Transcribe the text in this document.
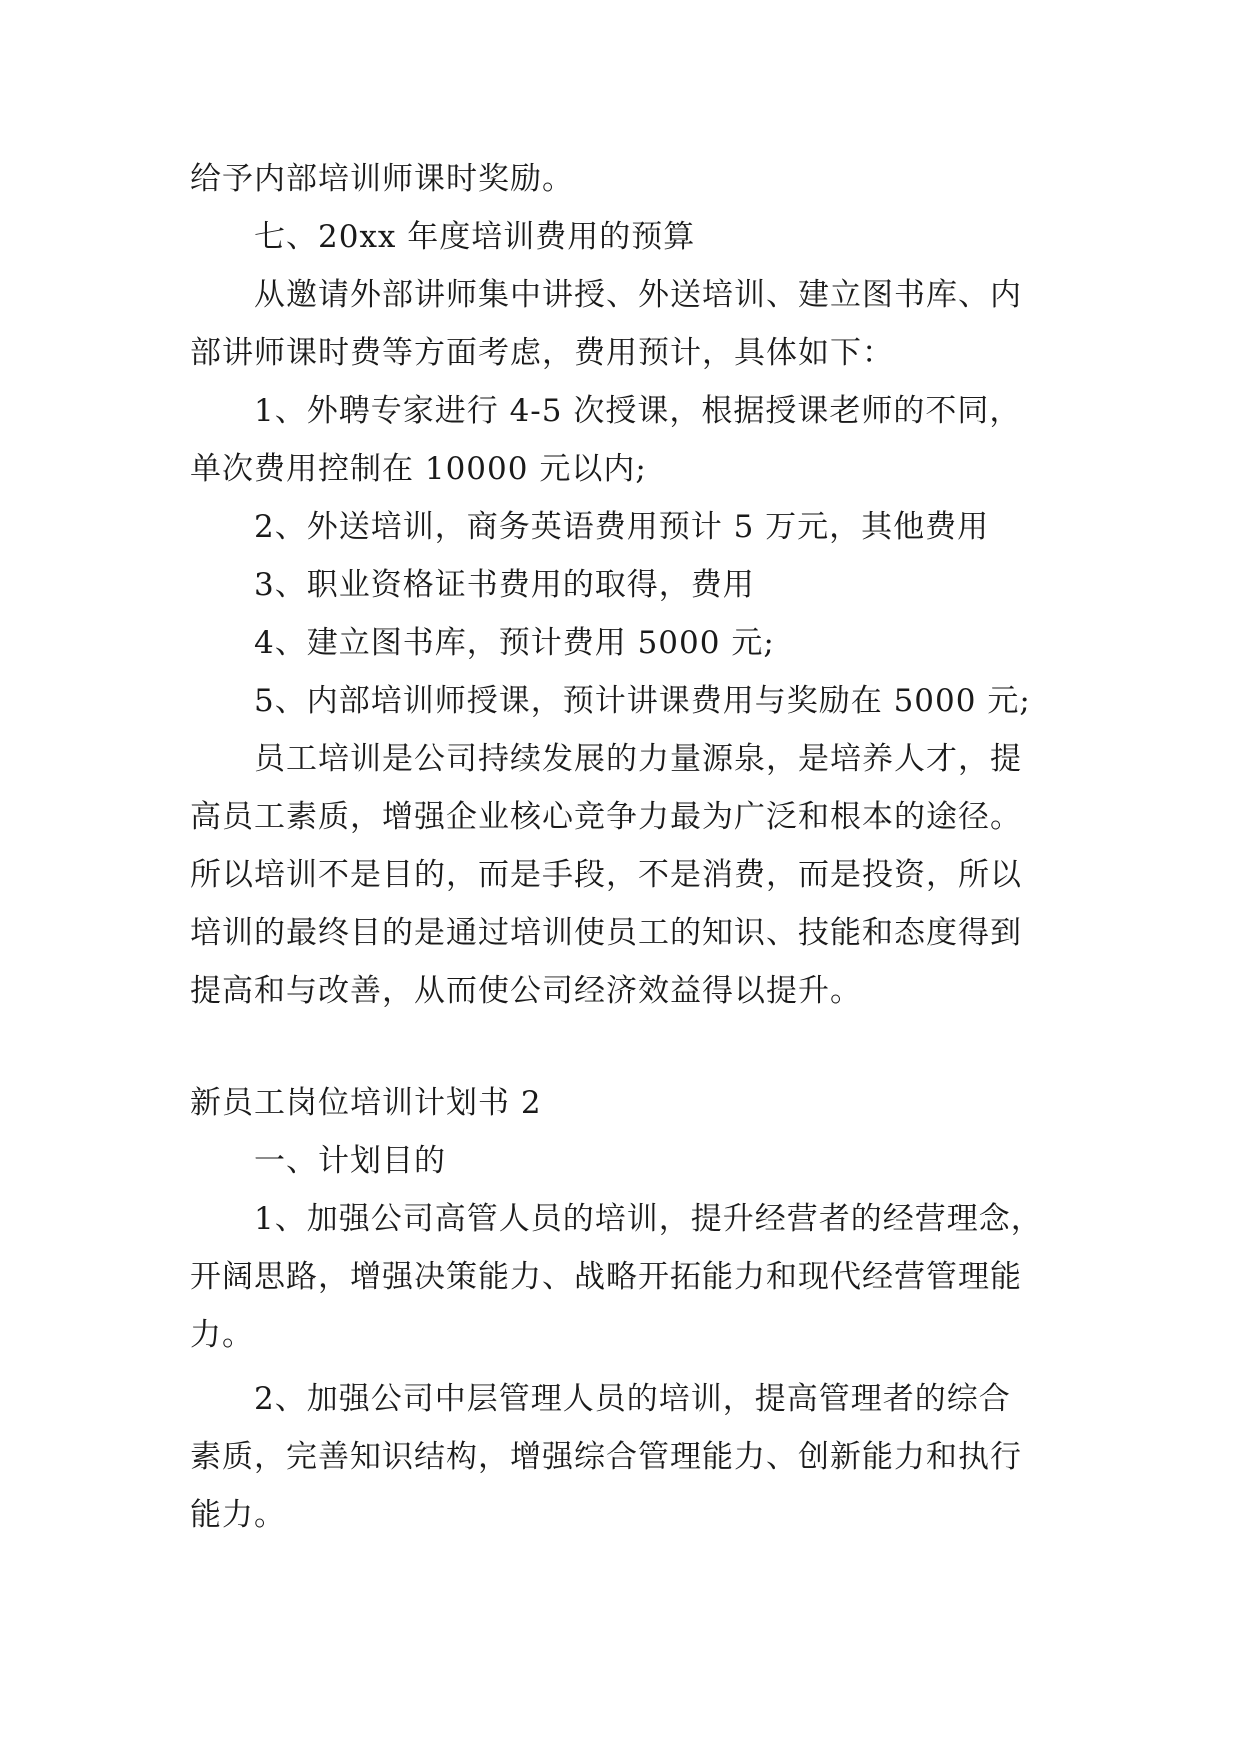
给予内部培训师课时奖励。
七、20xx 年度培训费用的预算
从邀请外部讲师集中讲授、外送培训、建立图书库、内
部讲师课时费等方面考虑，费用预计，具体如下：
1、外聘专家进行 4-5 次授课，根据授课老师的不同，
单次费用控制在 10000 元以内;
2、外送培训，商务英语费用预计 5 万元，其他费用
3、职业资格证书费用的取得，费用
4、建立图书库，预计费用 5000 元;
5、内部培训师授课，预计讲课费用与奖励在 5000 元;
员工培训是公司持续发展的力量源泉，是培养人才，提
高员工素质，增强企业核心竞争力最为广泛和根本的途径。
所以培训不是目的，而是手段，不是消费，而是投资，所以
培训的最终目的是通过培训使员工的知识、技能和态度得到
提高和与改善，从而使公司经济效益得以提升。
新员工岗位培训计划书 2
一、计划目的
1、加强公司高管人员的培训，提升经营者的经营理念，
开阔思路，增强决策能力、战略开拓能力和现代经营管理能
力。
2、加强公司中层管理人员的培训，提高管理者的综合
素质，完善知识结构，增强综合管理能力、创新能力和执行
能力。
